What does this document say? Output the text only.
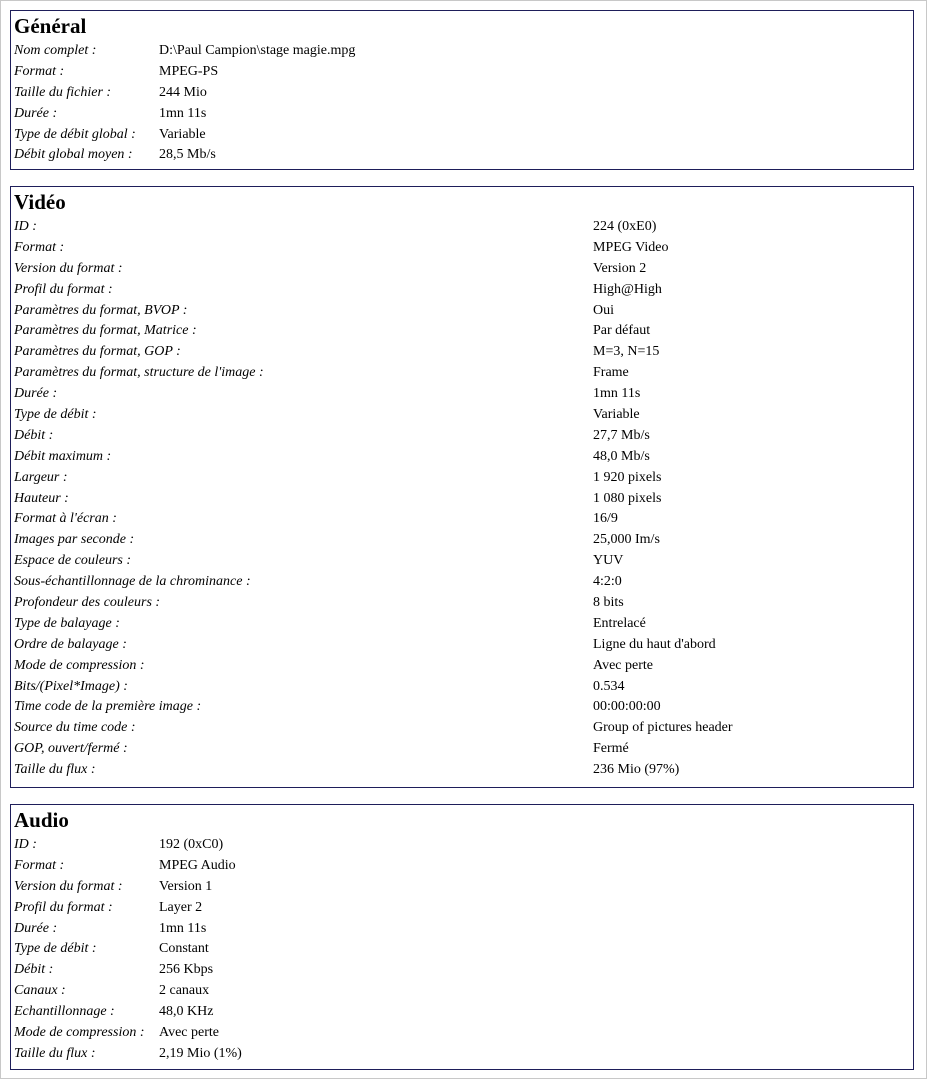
Général
Nom complet :	D:\Paul Campion\stage magie.mpg
Format :	MPEG-PS
Taille du fichier :	244 Mio
Durée :	1mn 11s
Type de débit global : Variable
Débit global moyen : 28,5 Mb/s
Vidéo
ID :	224 (0xE0)
Format :	MPEG Video
Version du format :	Version 2
Profil du format :	High@High
Paramètres du format, BVOP :	Oui
Paramètres du format, Matrice :	Par défaut
Paramètres du format, GOP :	M=3, N=15
Paramètres du format, structure de l'image :	Frame
Durée :	1mn 11s
Type de débit :	Variable
Débit :	27,7 Mb/s
Débit maximum :	48,0 Mb/s
Largeur :	1 920 pixels
Hauteur :	1 080 pixels
Format à l'écran :	16/9
Images par seconde :	25,000 Im/s
Espace de couleurs :	YUV
Sous-échantillonnage de la chrominance :	4:2:0
Profondeur des couleurs :	8 bits
Type de balayage :	Entrelacé
Ordre de balayage :	Ligne du haut d'abord
Mode de compression :	Avec perte
Bits/(Pixel*Image) :	0.534
Time code de la première image :	00:00:00:00
Source du time code :	Group of pictures header
GOP, ouvert/fermé :	Fermé
Taille du flux :	236 Mio (97%)
Audio
ID :	192 (0xC0)
Format :	MPEG Audio
Version du format :	Version 1
Profil du format :	Layer 2
Durée :	1mn 11s
Type de débit :	Constant
Débit :	256 Kbps
Canaux :	2 canaux
Echantillonnage :	48,0 KHz
Mode de compression : Avec perte
Taille du flux :	2,19 Mio (1%)
